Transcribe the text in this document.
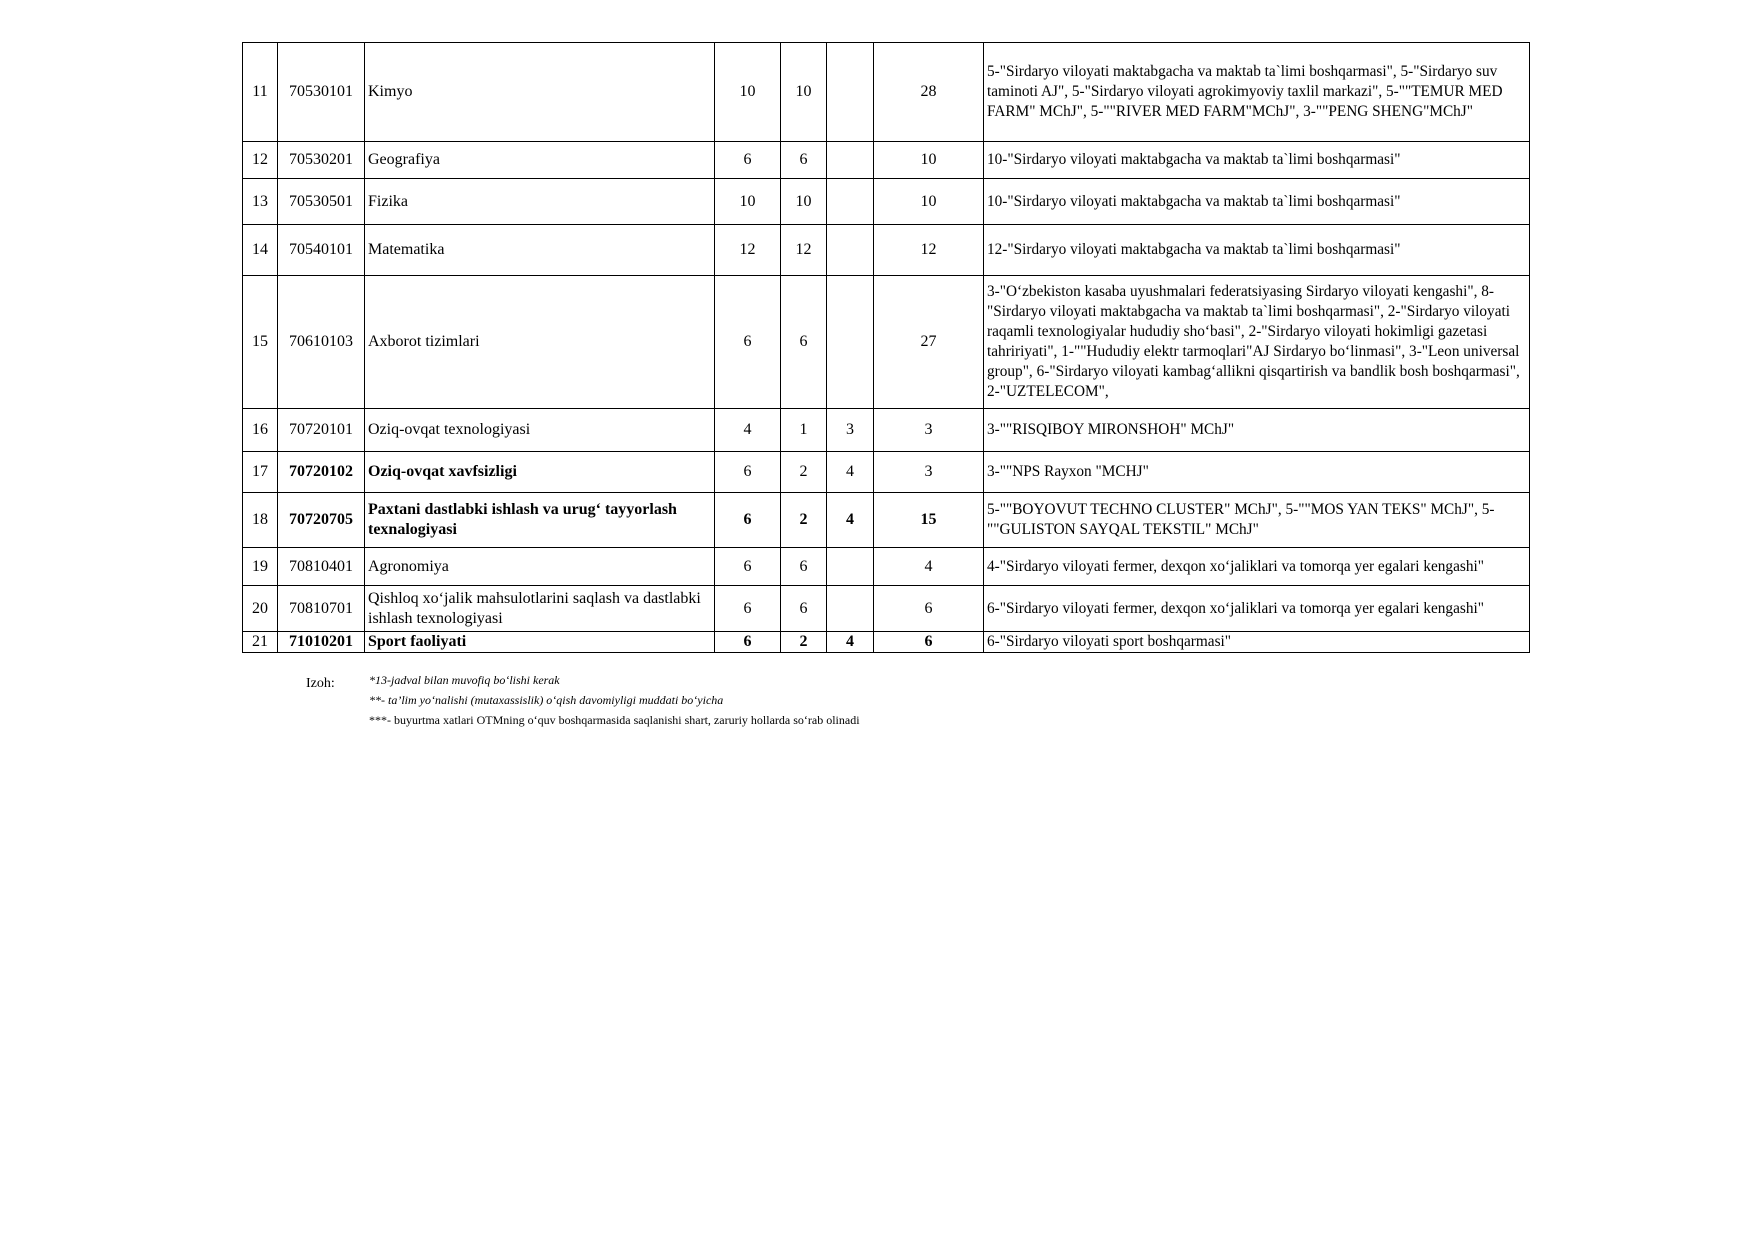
11	70530101	Kimyo	10	10		28	5-"Sirdaryo viloyati maktabgacha va maktab ta`limi boshqarmasi", 5-"Sirdaryo suv taminoti AJ", 5-"Sirdaryo viloyati agrokimyoviy taxlil markazi", 5-""TEMUR MED FARM" MChJ", 5-""RIVER MED FARM"MChJ", 3-""PENG SHENG"MChJ"
12	70530201	Geografiya	6	6		10	10-"Sirdaryo viloyati maktabgacha va maktab ta`limi boshqarmasi"
13	70530501	Fizika	10	10		10	10-"Sirdaryo viloyati maktabgacha va maktab ta`limi boshqarmasi"
14	70540101	Matematika	12	12		12	12-"Sirdaryo viloyati maktabgacha va maktab ta`limi boshqarmasi"
15	70610103	Axborot tizimlari	6	6		27	3-"O‘zbekiston kasaba uyushmalari federatsiyasing Sirdaryo viloyati kengashi", 8-"Sirdaryo viloyati maktabgacha va maktab ta`limi boshqarmasi", 2-"Sirdaryo viloyati raqamli texnologiyalar hududiy sho‘basi", 2-"Sirdaryo viloyati hokimligi gazetasi tahririyati", 1-""Hududiy elektr tarmoqlari"AJ Sirdaryo bo‘linmasi", 3-"Leon universal group", 6-"Sirdaryo viloyati kambag‘allikni qisqartirish va bandlik bosh boshqarmasi", 2-"UZTELECOM",
16	70720101	Oziq-ovqat texnologiyasi	4	1	3	3	3-""RISQIBOY MIRONSHOH" MChJ"
17	70720102	Oziq-ovqat xavfsizligi	6	2	4	3	3-""NPS Rayxon "MCHJ"
18	70720705	Paxtani dastlabki ishlash va urug‘ tayyorlash texnalogiyasi	6	2	4	15	5-""BOYOVUT TECHNO CLUSTER" MChJ", 5-""MOS YAN TEKS" MChJ", 5-""GULISTON SAYQAL TEKSTIL" MChJ"
19	70810401	Agronomiya	6	6		4	4-"Sirdaryo viloyati fermer, dexqon xo‘jaliklari va tomorqa yer egalari kengashi"
20	70810701	Qishloq xo‘jalik mahsulotlarini saqlash va dastlabki ishlash texnologiyasi	6	6		6	6-"Sirdaryo viloyati fermer, dexqon xo‘jaliklari va tomorqa yer egalari kengashi"
21	71010201	Sport faoliyati	6	2	4	6	6-"Sirdaryo viloyati sport boshqarmasi"
Izoh:	*13-jadval bilan muvofiq bo‘lishi kerak
**- ta’lim yo‘nalishi (mutaxassislik) o‘qish davomiyligi muddati bo‘yicha
***- buyurtma xatlari OTMning o‘quv boshqarmasida saqlanishi shart, zaruriy hollarda so‘rab olinadi
